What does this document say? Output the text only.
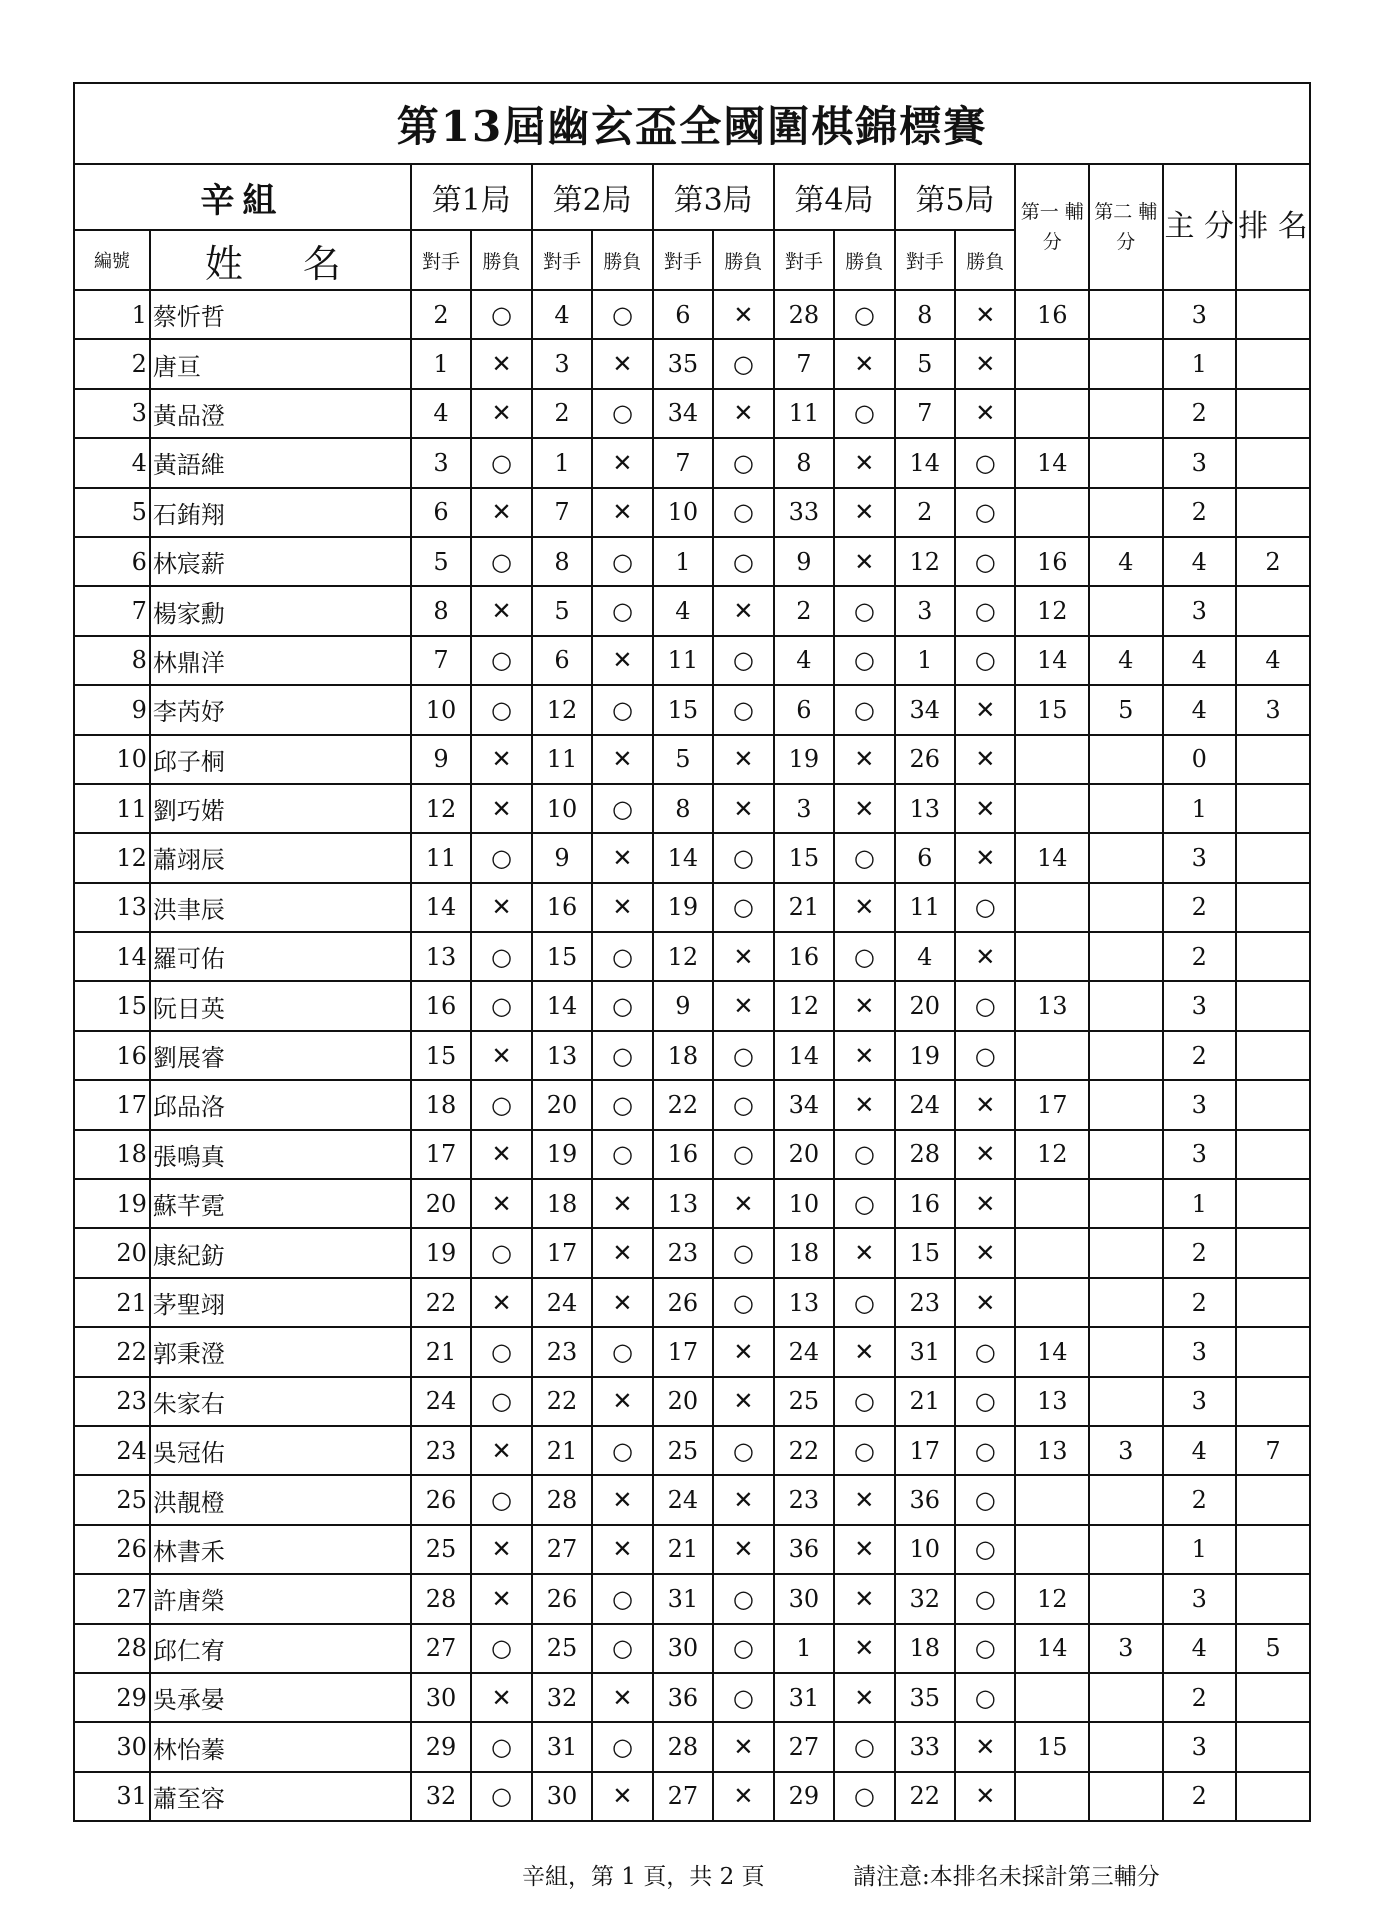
第13屆幽玄盃全國圍棋錦標賽															
辛組		第1局		第2局		第3局		第4局		第5局		第一 輔分	第二 輔分	主 分	排 名
編號	姓名	對手	勝負	對手	勝負	對手	勝負	對手	勝負	對手	勝負				
1	蔡忻哲	2	○	4	○	6	✕	28	○	8	✕	16		3	
2	唐亘	1	✕	3	✕	35	○	7	✕	5	✕			1	
3	黃品澄	4	✕	2	○	34	✕	11	○	7	✕			2	
4	黃語維	3	○	1	✕	7	○	8	✕	14	○	14		3	
5	石銪翔	6	✕	7	✕	10	○	33	✕	2	○			2	
6	林宸薪	5	○	8	○	1	○	9	✕	12	○	16	4	4	2
7	楊家勳	8	✕	5	○	4	✕	2	○	3	○	12		3	
8	林鼎洋	7	○	6	✕	11	○	4	○	1	○	14	4	4	4
9	李芮妤	10	○	12	○	15	○	6	○	34	✕	15	5	4	3
10	邱子桐	9	✕	11	✕	5	✕	19	✕	26	✕			0	
11	劉巧婼	12	✕	10	○	8	✕	3	✕	13	✕			1	
12	蕭翊辰	11	○	9	✕	14	○	15	○	6	✕	14		3	
13	洪聿辰	14	✕	16	✕	19	○	21	✕	11	○			2	
14	羅可佑	13	○	15	○	12	✕	16	○	4	✕			2	
15	阮日英	16	○	14	○	9	✕	12	✕	20	○	13		3	
16	劉展睿	15	✕	13	○	18	○	14	✕	19	○			2	
17	邱品洛	18	○	20	○	22	○	34	✕	24	✕	17		3	
18	張鳴真	17	✕	19	○	16	○	20	○	28	✕	12		3	
19	蘇芊霓	20	✕	18	✕	13	✕	10	○	16	✕			1	
20	康紀鈁	19	○	17	✕	23	○	18	✕	15	✕			2	
21	茅聖翊	22	✕	24	✕	26	○	13	○	23	✕			2	
22	郭秉澄	21	○	23	○	17	✕	24	✕	31	○	14		3	
23	朱家右	24	○	22	✕	20	✕	25	○	21	○	13		3	
24	吳冠佑	23	✕	21	○	25	○	22	○	17	○	13	3	4	7
25	洪靚橙	26	○	28	✕	24	✕	23	✕	36	○			2	
26	林書禾	25	✕	27	✕	21	✕	36	✕	10	○			1	
27	許唐榮	28	✕	26	○	31	○	30	✕	32	○	12		3	
28	邱仁宥	27	○	25	○	30	○	1	✕	18	○	14	3	4	5
29	吳承晏	30	✕	32	✕	36	○	31	✕	35	○			2	
30	林怡蓁	29	○	31	○	28	✕	27	○	33	✕	15		3	
31	蕭至容	32	○	30	✕	27	✕	29	○	22	✕			2	
辛組，第 1 頁，共 2 頁	請注意:本排名未採計第三輔分
